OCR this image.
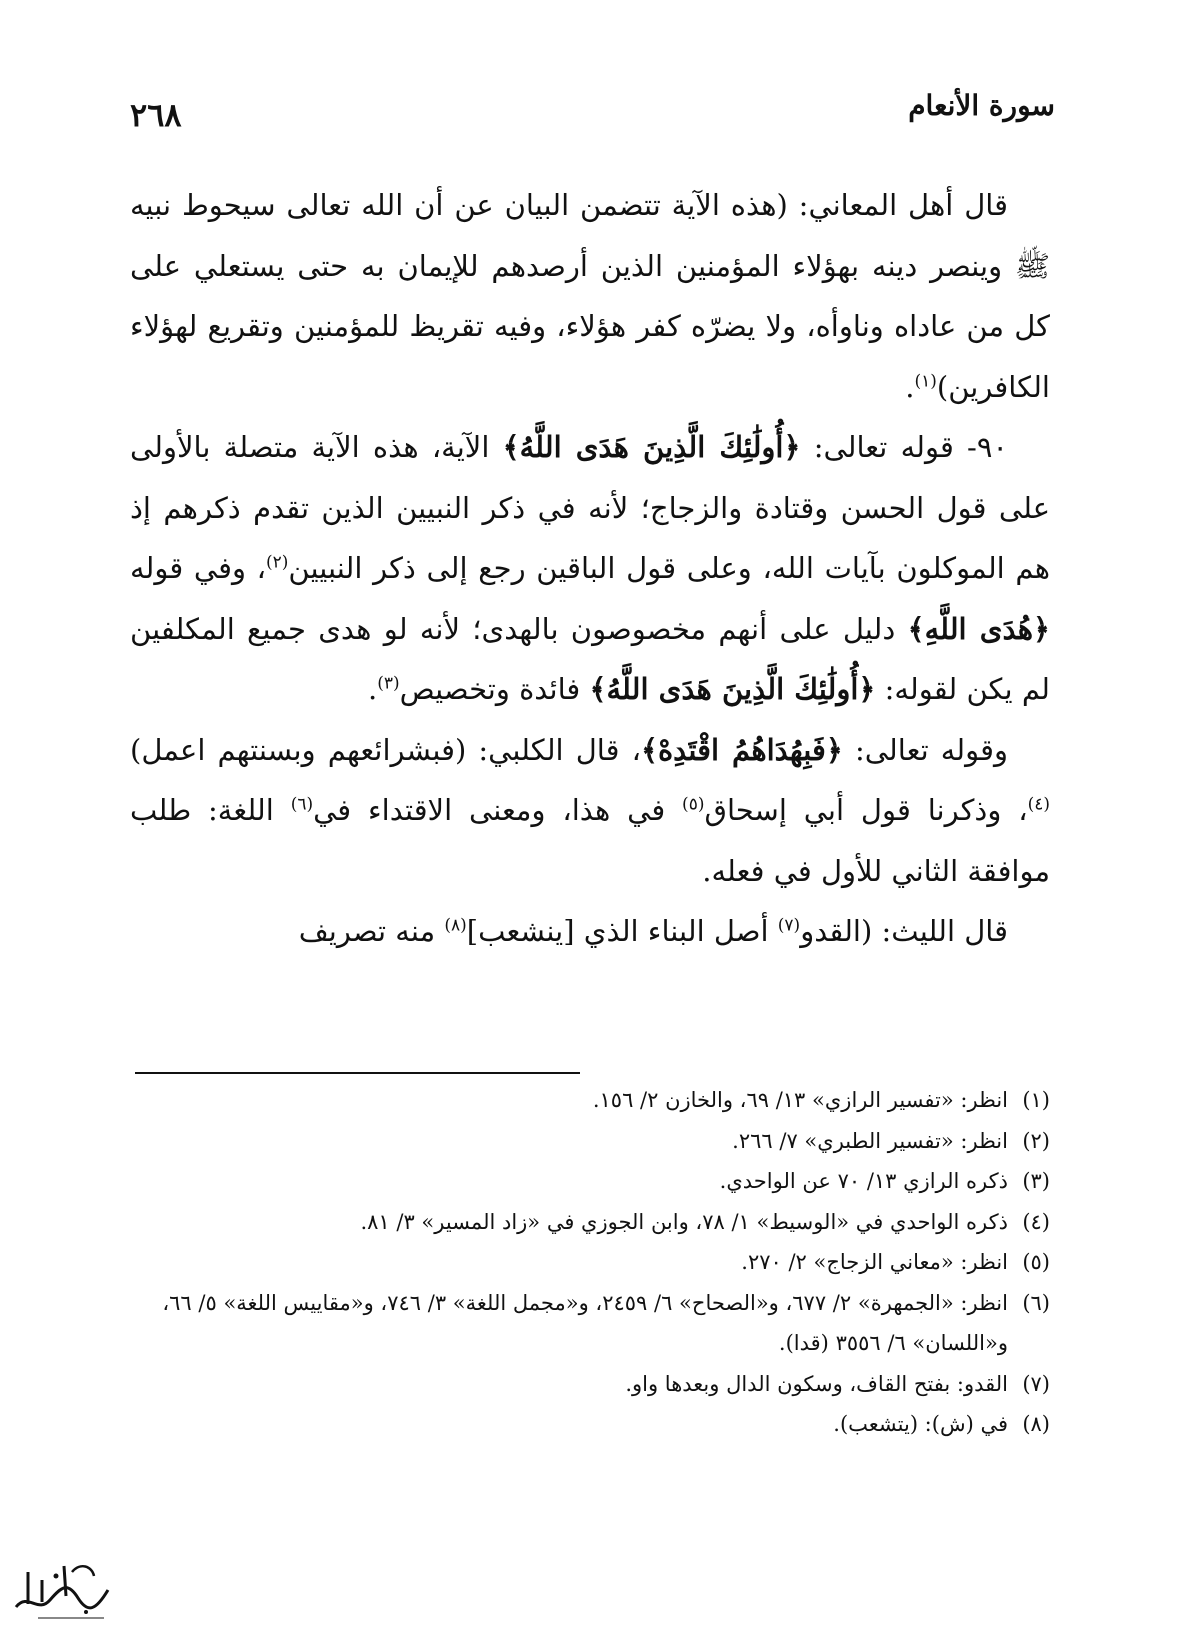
سورة الأنعام
٢٦٨

قال أهل المعاني: (هذه الآية تتضمن البيان عن أن الله تعالى سيحوط نبيه ﷺ وينصر دينه بهؤلاء المؤمنين الذين أرصدهم للإيمان به حتى يستعلي على كل من عاداه وناوأه، ولا يضرّه كفر هؤلاء، وفيه تقريظ للمؤمنين وتقريع لهؤلاء الكافرين)$^{(١)}$.

٩٠- قوله تعالى: ﴿أُولَٰئِكَ الَّذِينَ هَدَى اللَّهُ﴾ الآية، هذه الآية متصلة بالأولى على قول الحسن وقتادة والزجاج؛ لأنه في ذكر النبيين الذين تقدم ذكرهم إذ هم الموكلون بآيات الله، وعلى قول الباقين رجع إلى ذكر النبيين$^{(٢)}$، وفي قوله ﴿هُدَى اللَّهِ﴾ دليل على أنهم مخصوصون بالهدى؛ لأنه لو هدى جميع المكلفين لم يكن لقوله: ﴿أُولَٰئِكَ الَّذِينَ هَدَى اللَّهُ﴾ فائدة وتخصيص$^{(٣)}$.

وقوله تعالى: ﴿فَبِهُدَاهُمُ اقْتَدِهْ﴾، قال الكلبي: (فبشرائعهم وبسنتهم اعمل)$^{(٤)}$، وذكرنا قول أبي إسحاق$^{(٥)}$ في هذا، ومعنى الاقتداء في$^{(٦)}$ اللغة: طلب موافقة الثاني للأول في فعله.

قال الليث: (القدو$^{(٧)}$ أصل البناء الذي [ينشعب]$^{(٨)}$ منه تصريف

(١)
انظر: «تفسير الرازي» ١٣/ ٦٩، والخازن ٢/ ١٥٦.
(٢)
انظر: «تفسير الطبري» ٧/ ٢٦٦.
(٣)
ذكره الرازي ١٣/ ٧٠ عن الواحدي.
(٤)
ذكره الواحدي في «الوسيط» ١/ ٧٨، وابن الجوزي في «زاد المسير» ٣/ ٨١.
(٥)
انظر: «معاني الزجاج» ٢/ ٢٧٠.
(٦)
انظر: «الجمهرة» ٢/ ٦٧٧، و«الصحاح» ٦/ ٢٤٥٩، و«مجمل اللغة» ٣/ ٧٤٦، و«مقاييس اللغة» ٥/ ٦٦، و«اللسان» ٦/ ٣٥٥٦ (قدا).
(٧)
القدو: بفتح القاف، وسكون الدال وبعدها واو.
(٨)
في (ش): (يتشعب).
